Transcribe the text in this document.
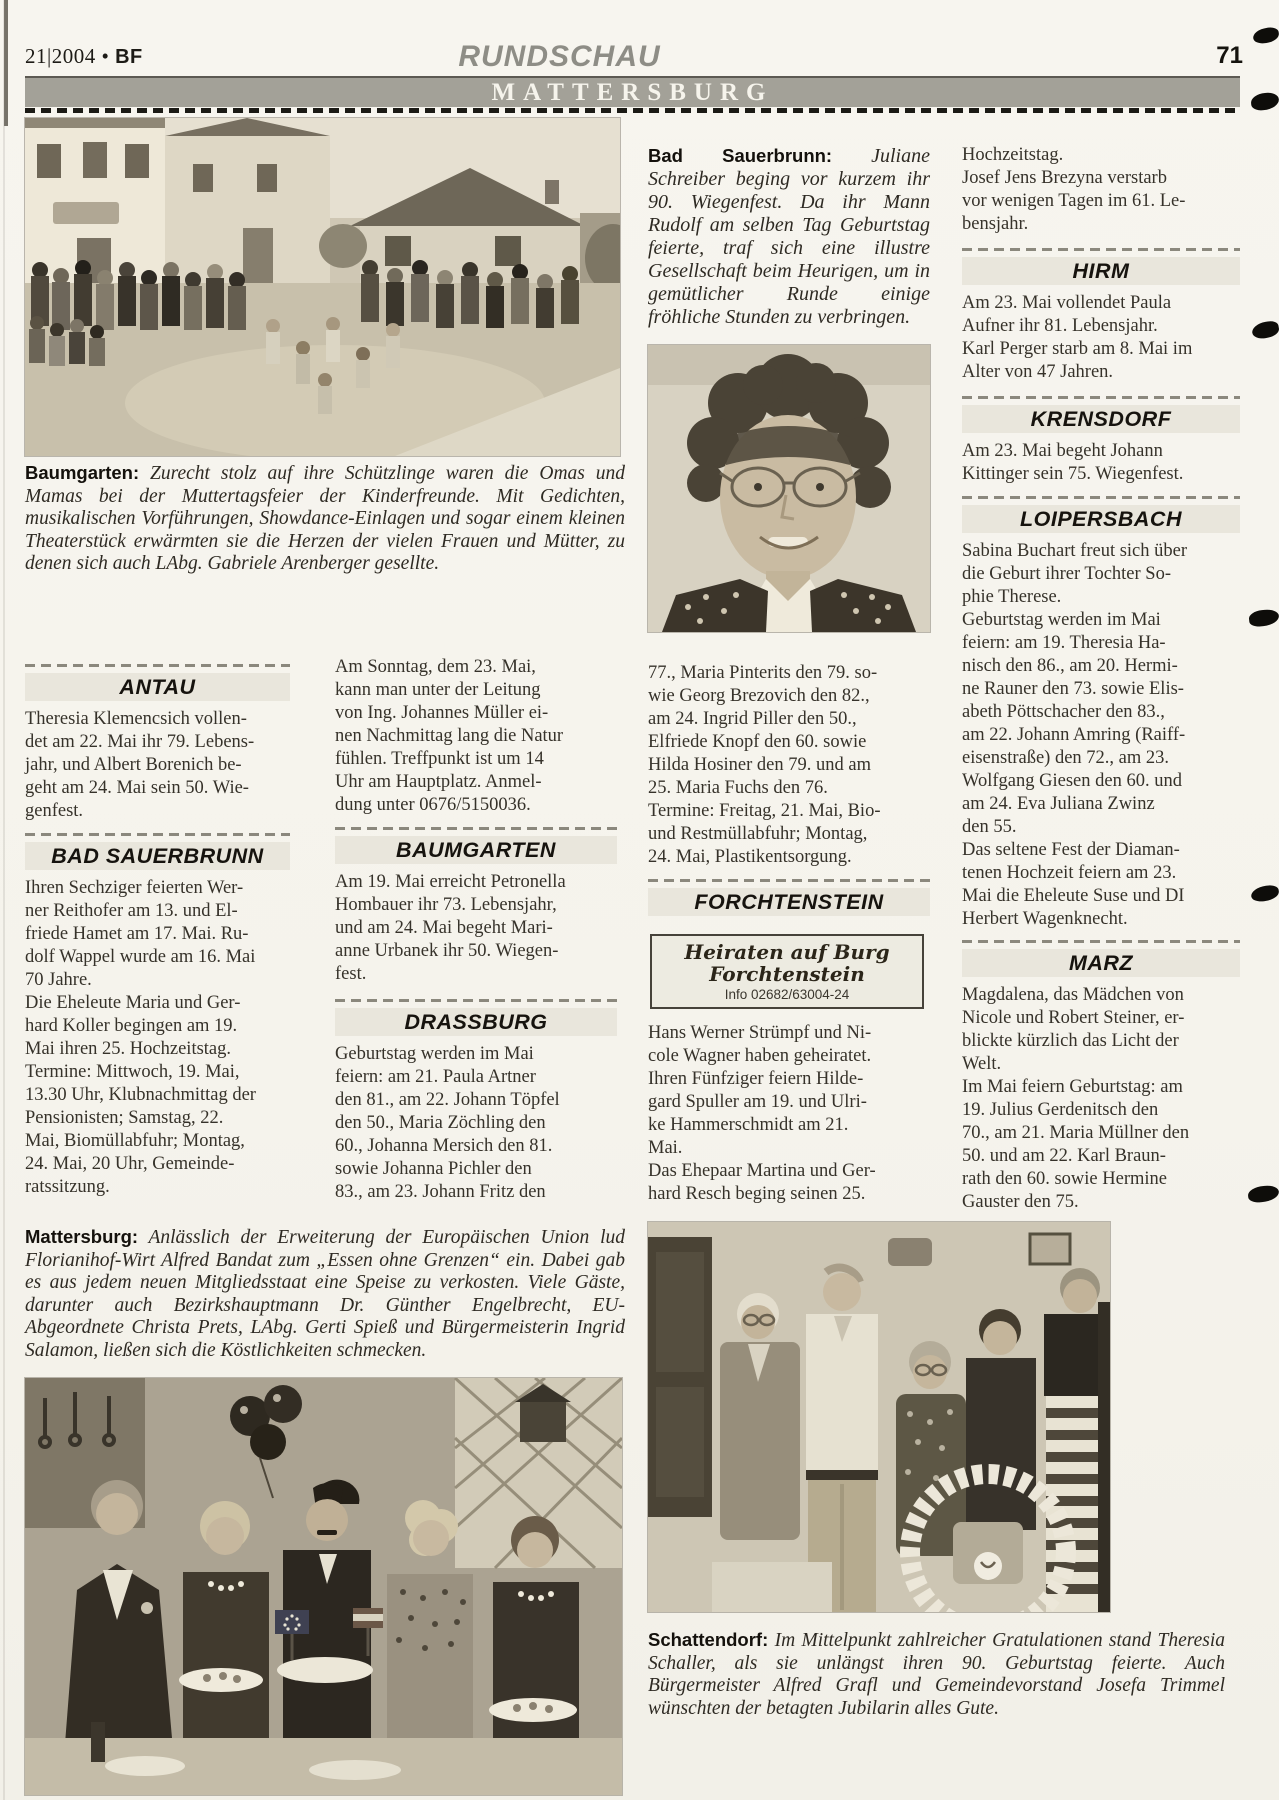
21|2004 • BF	RUNDSCHAU	71
MATTERSBURG
Baumgarten: Zurecht stolz auf ihre Schützlinge waren die Omas und Mamas bei der Muttertagsfeier der Kinderfreunde. Mit Gedichten, musikalischen Vorführungen, Showdance-Einlagen und sogar einem kleinen Theaterstück erwärmten sie die Herzen der vielen Frauen und Mütter, zu denen sich auch LAbg. Gabriele Arenberger gesellte.
ANTAU
Theresia Klemencsich vollen-
det am 22. Mai ihr 79. Lebens-
jahr, und Albert Borenich be-
geht am 24. Mai sein 50. Wie-
genfest.
BAD SAUERBRUNN
Ihren Sechziger feierten Wer-
ner Reithofer am 13. und El-
friede Hamet am 17. Mai. Ru-
dolf Wappel wurde am 16. Mai
70 Jahre.
Die Eheleute Maria und Ger-
hard Koller begingen am 19.
Mai ihren 25. Hochzeitstag.
Termine: Mittwoch, 19. Mai,
13.30 Uhr, Klubnachmittag der
Pensionisten; Samstag, 22.
Mai, Biomüllabfuhr; Montag,
24. Mai, 20 Uhr, Gemeinde-
ratssitzung.
Am Sonntag, dem 23. Mai,
kann man unter der Leitung
von Ing. Johannes Müller ei-
nen Nachmittag lang die Natur
fühlen. Treffpunkt ist um 14
Uhr am Hauptplatz. Anmel-
dung unter 0676/5150036.
BAUMGARTEN
Am 19. Mai erreicht Petronella
Hombauer ihr 73. Lebensjahr,
und am 24. Mai begeht Mari-
anne Urbanek ihr 50. Wiegen-
fest.
DRASSBURG
Geburtstag werden im Mai
feiern: am 21. Paula Artner
den 81., am 22. Johann Töpfel
den 50., Maria Zöchling den
60., Johanna Mersich den 81.
sowie Johanna Pichler den
83., am 23. Johann Fritz den
Bad Sauerbrunn: Juliane Schreiber beging vor kurzem ihr 90. Wiegenfest. Da ihr Mann Rudolf am selben Tag Geburtstag feierte, traf sich eine illustre Gesellschaft beim Heurigen, um in gemütlicher Runde einige fröhliche Stunden zu verbringen.
77., Maria Pinterits den 79. so-
wie Georg Brezovich den 82.,
am 24. Ingrid Piller den 50.,
Elfriede Knopf den 60. sowie
Hilda Hosiner den 79. und am
25. Maria Fuchs den 76.
Termine: Freitag, 21. Mai, Bio-
und Restmüllabfuhr; Montag,
24. Mai, Plastikentsorgung.
FORCHTENSTEIN
Heiraten auf Burg
Forchtenstein
Info 02682/63004-24
Hans Werner Strümpf und Ni-
cole Wagner haben geheiratet.
Ihren Fünfziger feiern Hilde-
gard Spuller am 19. und Ulri-
ke Hammerschmidt am 21.
Mai.
Das Ehepaar Martina und Ger-
hard Resch beging seinen 25.
Hochzeitstag.
Josef Jens Brezyna verstarb
vor wenigen Tagen im 61. Le-
bensjahr.
HIRM
Am 23. Mai vollendet Paula
Aufner ihr 81. Lebensjahr.
Karl Perger starb am 8. Mai im
Alter von 47 Jahren.
KRENSDORF
Am 23. Mai begeht Johann
Kittinger sein 75. Wiegenfest.
LOIPERSBACH
Sabina Buchart freut sich über
die Geburt ihrer Tochter So-
phie Therese.
Geburtstag werden im Mai
feiern: am 19. Theresia Ha-
nisch den 86., am 20. Hermi-
ne Rauner den 73. sowie Elis-
abeth Pöttschacher den 83.,
am 22. Johann Amring (Raiff-
eisenstraße) den 72., am 23.
Wolfgang Giesen den 60. und
am 24. Eva Juliana Zwinz
den 55.
Das seltene Fest der Diaman-
tenen Hochzeit feiern am 23.
Mai die Eheleute Suse und DI
Herbert Wagenknecht.
MARZ
Magdalena, das Mädchen von
Nicole und Robert Steiner, er-
blickte kürzlich das Licht der
Welt.
Im Mai feiern Geburtstag: am
19. Julius Gerdenitsch den
70., am 21. Maria Müllner den
50. und am 22. Karl Braun-
rath den 60. sowie Hermine
Gauster den 75.
Mattersburg: Anlässlich der Erweiterung der Europäischen Union lud Florianihof-Wirt Alfred Bandat zum „Essen ohne Grenzen“ ein. Dabei gab es aus jedem neuen Mitgliedsstaat eine Speise zu verkosten. Viele Gäste, darunter auch Bezirkshauptmann Dr. Günther Engelbrecht, EU-Abgeordnete Christa Prets, LAbg. Gerti Spieß und Bürgermeisterin Ingrid Salamon, ließen sich die Köstlichkeiten schmecken.
Schattendorf: Im Mittelpunkt zahlreicher Gratulationen stand Theresia Schaller, als sie unlängst ihren 90. Geburtstag feierte. Auch Bürgermeister Alfred Grafl und Gemeindevorstand Josefa Trimmel wünschten der betagten Jubilarin alles Gute.
